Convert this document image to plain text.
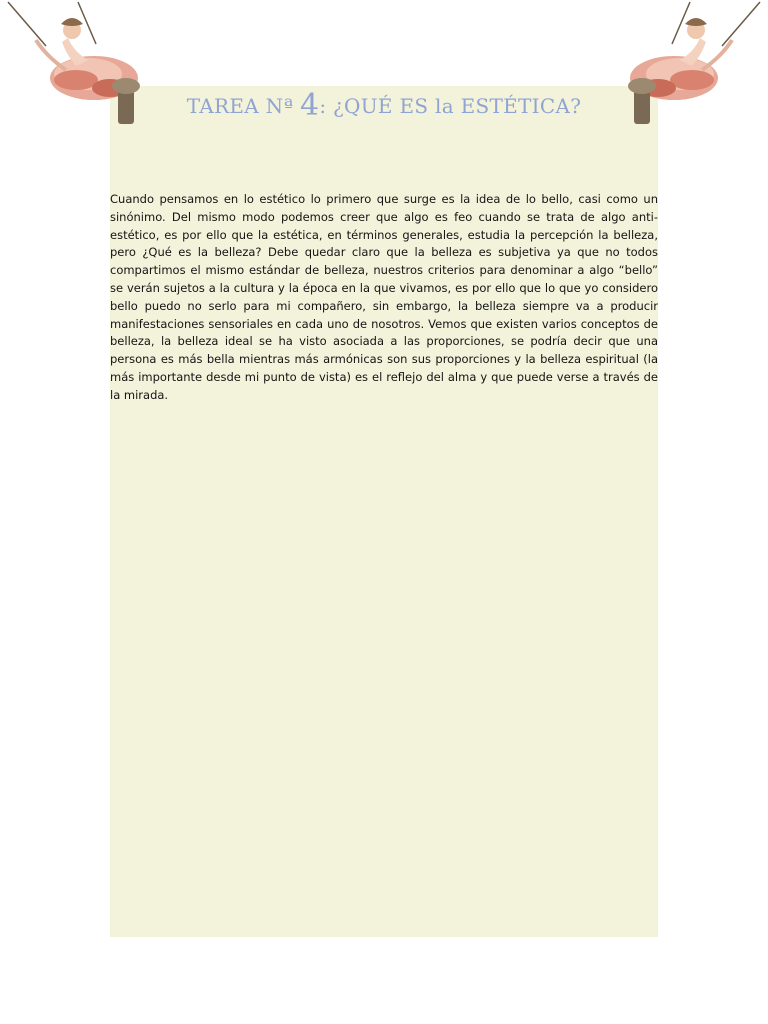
TAREA Nª 4: ¿QUÉ ES la ESTÉTICA?

Cuando pensamos en lo estético lo primero que surge es la idea de lo bello, casi como un sinónimo. Del mismo modo podemos creer que algo es feo cuando se trata de algo anti-estético, es por ello que la estética, en términos generales, estudia la percepción la belleza, pero ¿Qué es la belleza? Debe quedar claro que la belleza es subjetiva ya que no todos compartimos el mismo estándar de belleza, nuestros criterios para denominar a algo “bello” se verán sujetos a la cultura y la época en la que vivamos, es por ello que lo que yo considero bello puedo no serlo para mi compañero, sin embargo, la belleza siempre va a producir manifestaciones sensoriales en cada uno de nosotros. Vemos que existen varios conceptos de belleza, la belleza ideal se ha visto asociada a las proporciones, se podría decir que una persona es más bella mientras más armónicas son sus proporciones y la belleza espiritual (la más importante desde mi punto de vista) es el reflejo del alma y que puede verse a través de la mirada.
